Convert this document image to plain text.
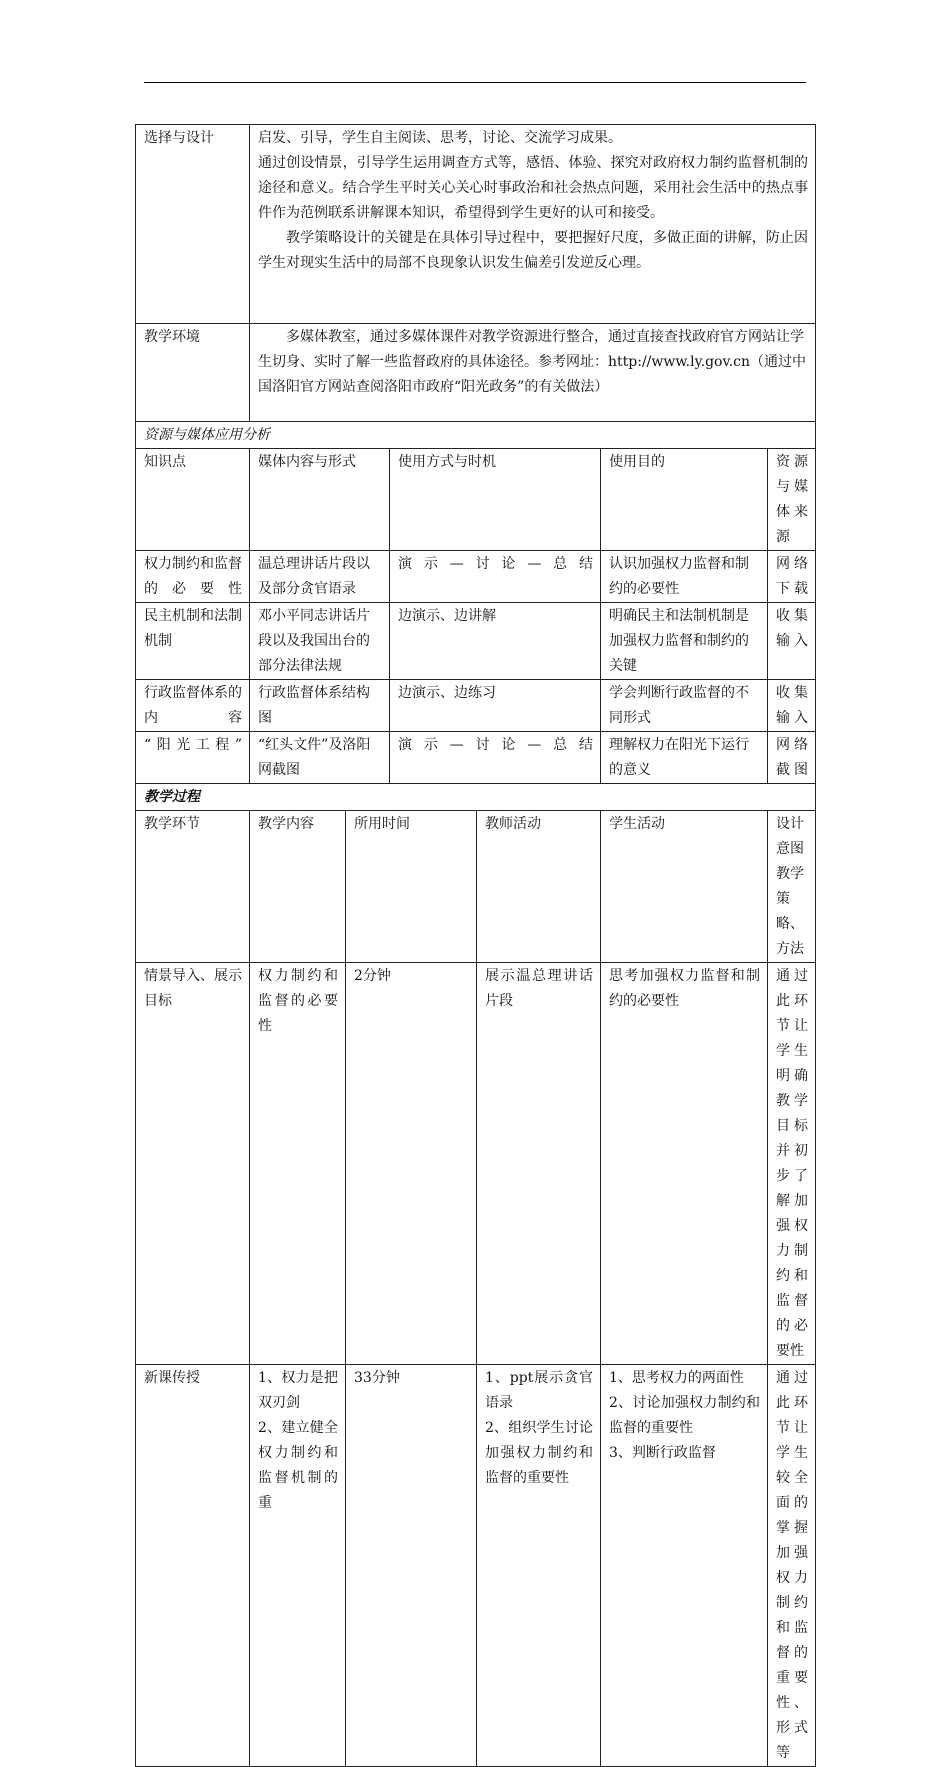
选择与设计	启发、引导，学生自主阅读、思考，讨论、交流学习成果。

通过创设情景，引导学生运用调查方式等，感悟、体验、探究对政府权力制约监督机制的途径和意义。结合学生平时关心关心时事政治和社会热点问题，采用社会生活中的热点事件作为范例联系讲解课本知识，希望得到学生更好的认可和接受。

教学策略设计的关键是在具体引导过程中，要把握好尺度，多做正面的讲解，防止因学生对现实生活中的局部不良现象认识发生偏差引发逆反心理。					

教学环境	多媒体教室，通过多媒体课件对教学资源进行整合，通过直接查找政府官方网站让学生切身、实时了解一些监督政府的具体途径。参考网址：http://www.ly.gov.cn（通过中国洛阳官方网站查阅洛阳市政府“阳光政务”的有关做法）					

资源与媒体应用分析						
知识点	媒体内容与形式		使用方式与时机		使用目的	资源与媒体来源
权力制约和监督的必要性	温总理讲话片段以及部分贪官语录		演示—讨论—总结		认识加强权力监督和制约的必要性	网络下载
民主机制和法制机制	邓小平同志讲话片段以及我国出台的部分法律法规		边演示、边讲解		明确民主和法制机制是加强权力监督和制约的关键	收集输入
行政监督体系的内容	行政监督体系结构图		边演示、边练习		学会判断行政监督的不同形式	收集输入
“阳光工程”	“红头文件”及洛阳网截图		演示—讨论—总结		理解权力在阳光下运行的意义	网络截图
教学过程						
教学环节	教学内容	所用时间		教师活动	学生活动	设计意图教学策略、方法
情景导入、展示目标	权力制约和监督的必要性	2分钟		展示温总理讲话片段	思考加强权力监督和制约的必要性	通过此环节让学生明确教学目标并初步了解加强权力制约和监督的必要性
新课传授	1、权力是把双刃剑
2、建立健全权力制约和监督机制的重	33分钟		1、ppt展示贪官语录
2、组织学生讨论加强权力制约和监督的重要性	1、思考权力的两面性
2、讨论加强权力制约和监督的重要性
3、判断行政监督	通过此环节让学生较全面的掌握加强权力制约和监督的重要性、形式等
